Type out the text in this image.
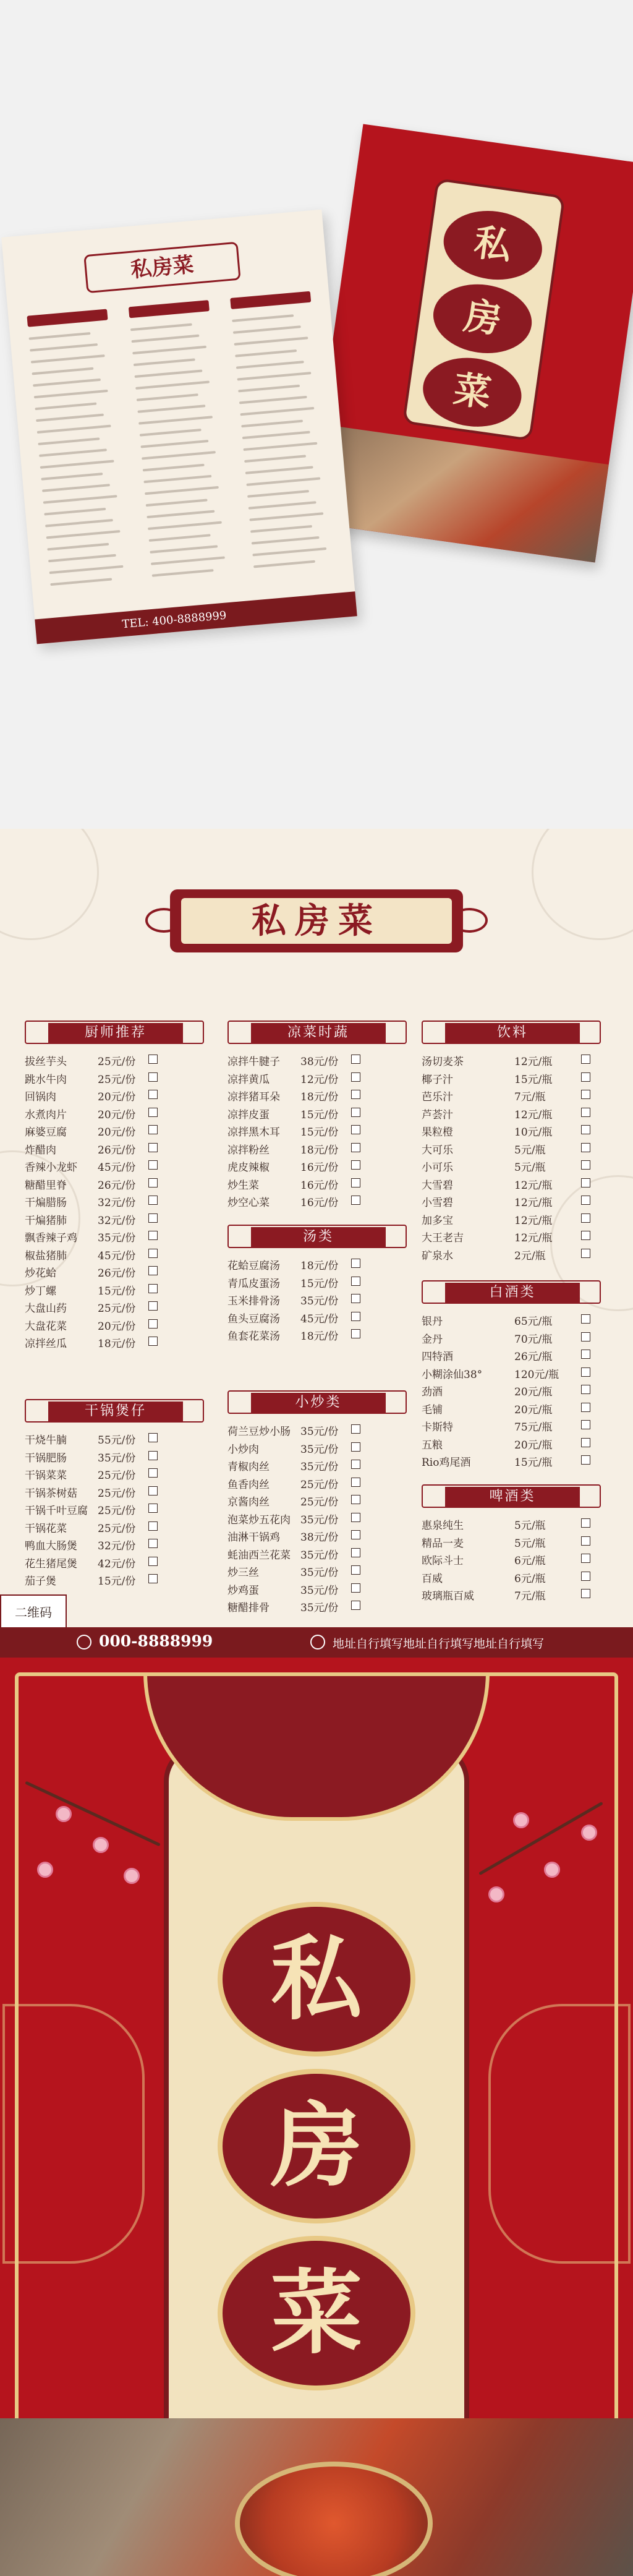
私
房
菜
私房菜
TEL: 400-8888999
私房菜
厨师推荐
拔丝芋头	25元/份
跳水牛肉	25元/份
回锅肉	20元/份
水煮肉片	20元/份
麻婆豆腐	20元/份
炸醋肉	26元/份
香辣小龙虾 45元/份
糖醋里脊	26元/份
干煸腊肠	32元/份
干煸猪肺	32元/份
飘香辣子鸡 35元/份
椒盐猪肺	45元/份
炒花蛤	26元/份
炒丁螺	15元/份
大盘山药	25元/份
大盘花菜	20元/份
凉拌丝瓜	18元/份
干锅煲仔
干烧牛腩	55元/份
干锅肥肠	35元/份
干锅菜菜	25元/份
干锅茶树菇 25元/份
干锅千叶豆腐 25元/份
干锅花菜	25元/份
鸭血大肠煲 32元/份
花生猪尾煲 42元/份
茄子煲	15元/份
凉菜时蔬
凉拌牛腱子 38元/份
凉拌黄瓜	12元/份
凉拌猪耳朵 18元/份
凉拌皮蛋	15元/份
凉拌黑木耳 15元/份
凉拌粉丝	18元/份
虎皮辣椒	16元/份
炒生菜	16元/份
炒空心菜	16元/份
汤类
花蛤豆腐汤 18元/份
青瓜皮蛋汤 15元/份
玉米排骨汤 35元/份
鱼头豆腐汤 45元/份
鱼套花菜汤 18元/份
小炒类
荷兰豆炒小肠 35元/份
小炒肉	35元/份
青椒肉丝	35元/份
鱼香肉丝	25元/份
京酱肉丝	25元/份
泡菜炒五花肉 35元/份
油淋干锅鸡 38元/份
蚝油西兰花菜 35元/份
炒三丝	35元/份
炒鸡蛋	35元/份
糖醋排骨	35元/份
饮料
汤切麦茶	12元/瓶
椰子汁	15元/瓶
芭乐汁	7元/瓶
芦荟汁	12元/瓶
果粒橙	10元/瓶
大可乐	5元/瓶
小可乐	5元/瓶
大雪碧	12元/瓶
小雪碧	12元/瓶
加多宝	12元/瓶
大王老吉	12元/瓶
矿泉水	2元/瓶
白酒类
银丹	65元/瓶
金丹	70元/瓶
四特酒	26元/瓶
小糊涂仙38°	120元/瓶
劲酒	20元/瓶
毛铺	20元/瓶
卡斯特	75元/瓶
五粮	20元/瓶
Rio鸡尾酒	15元/瓶
啤酒类
惠泉纯生	5元/瓶
精品一麦	5元/瓶
欧际斗士	6元/瓶
百威	6元/瓶
玻璃瓶百威	7元/瓶
二维码
000-8888999	地址自行填写地址自行填写地址自行填写
私
房
菜
